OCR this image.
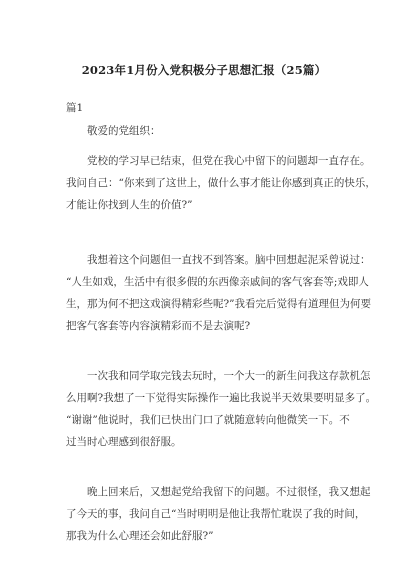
2023年1月份入党积极分子思想汇报（25篇）
篇1
敬爱的党组织：

党校的学习早已结束，但党在我心中留下的问题却一直存在。
我问自己：“你来到了这世上，做什么事才能让你感到真正的快乐，
才能让你找到人生的价值?”

我想着这个问题但一直找不到答案。脑中回想起泥采曾说过：
“人生如戏，生活中有很多假的东西像亲戚间的客气客套等;戏即人
生，那为何不把这戏演得精彩些呢?”我看完后觉得有道理但为何要
把客气客套等内容演精彩而不是去演呢?

一次我和同学取完钱去玩时，一个大一的新生问我这存款机怎
么用啊?我想了一下觉得实际操作一遍比我说半天效果要明显多了。
“谢谢”他说时，我们已快出门口了就随意转向他微笑一下。不
过当时心理感到很舒服。

晚上回来后，又想起党给我留下的问题。不过很怪，我又想起
了今天的事，我问自己“当时明明是他让我帮忙耽误了我的时间，
那我为什么心理还会如此舒服?”
